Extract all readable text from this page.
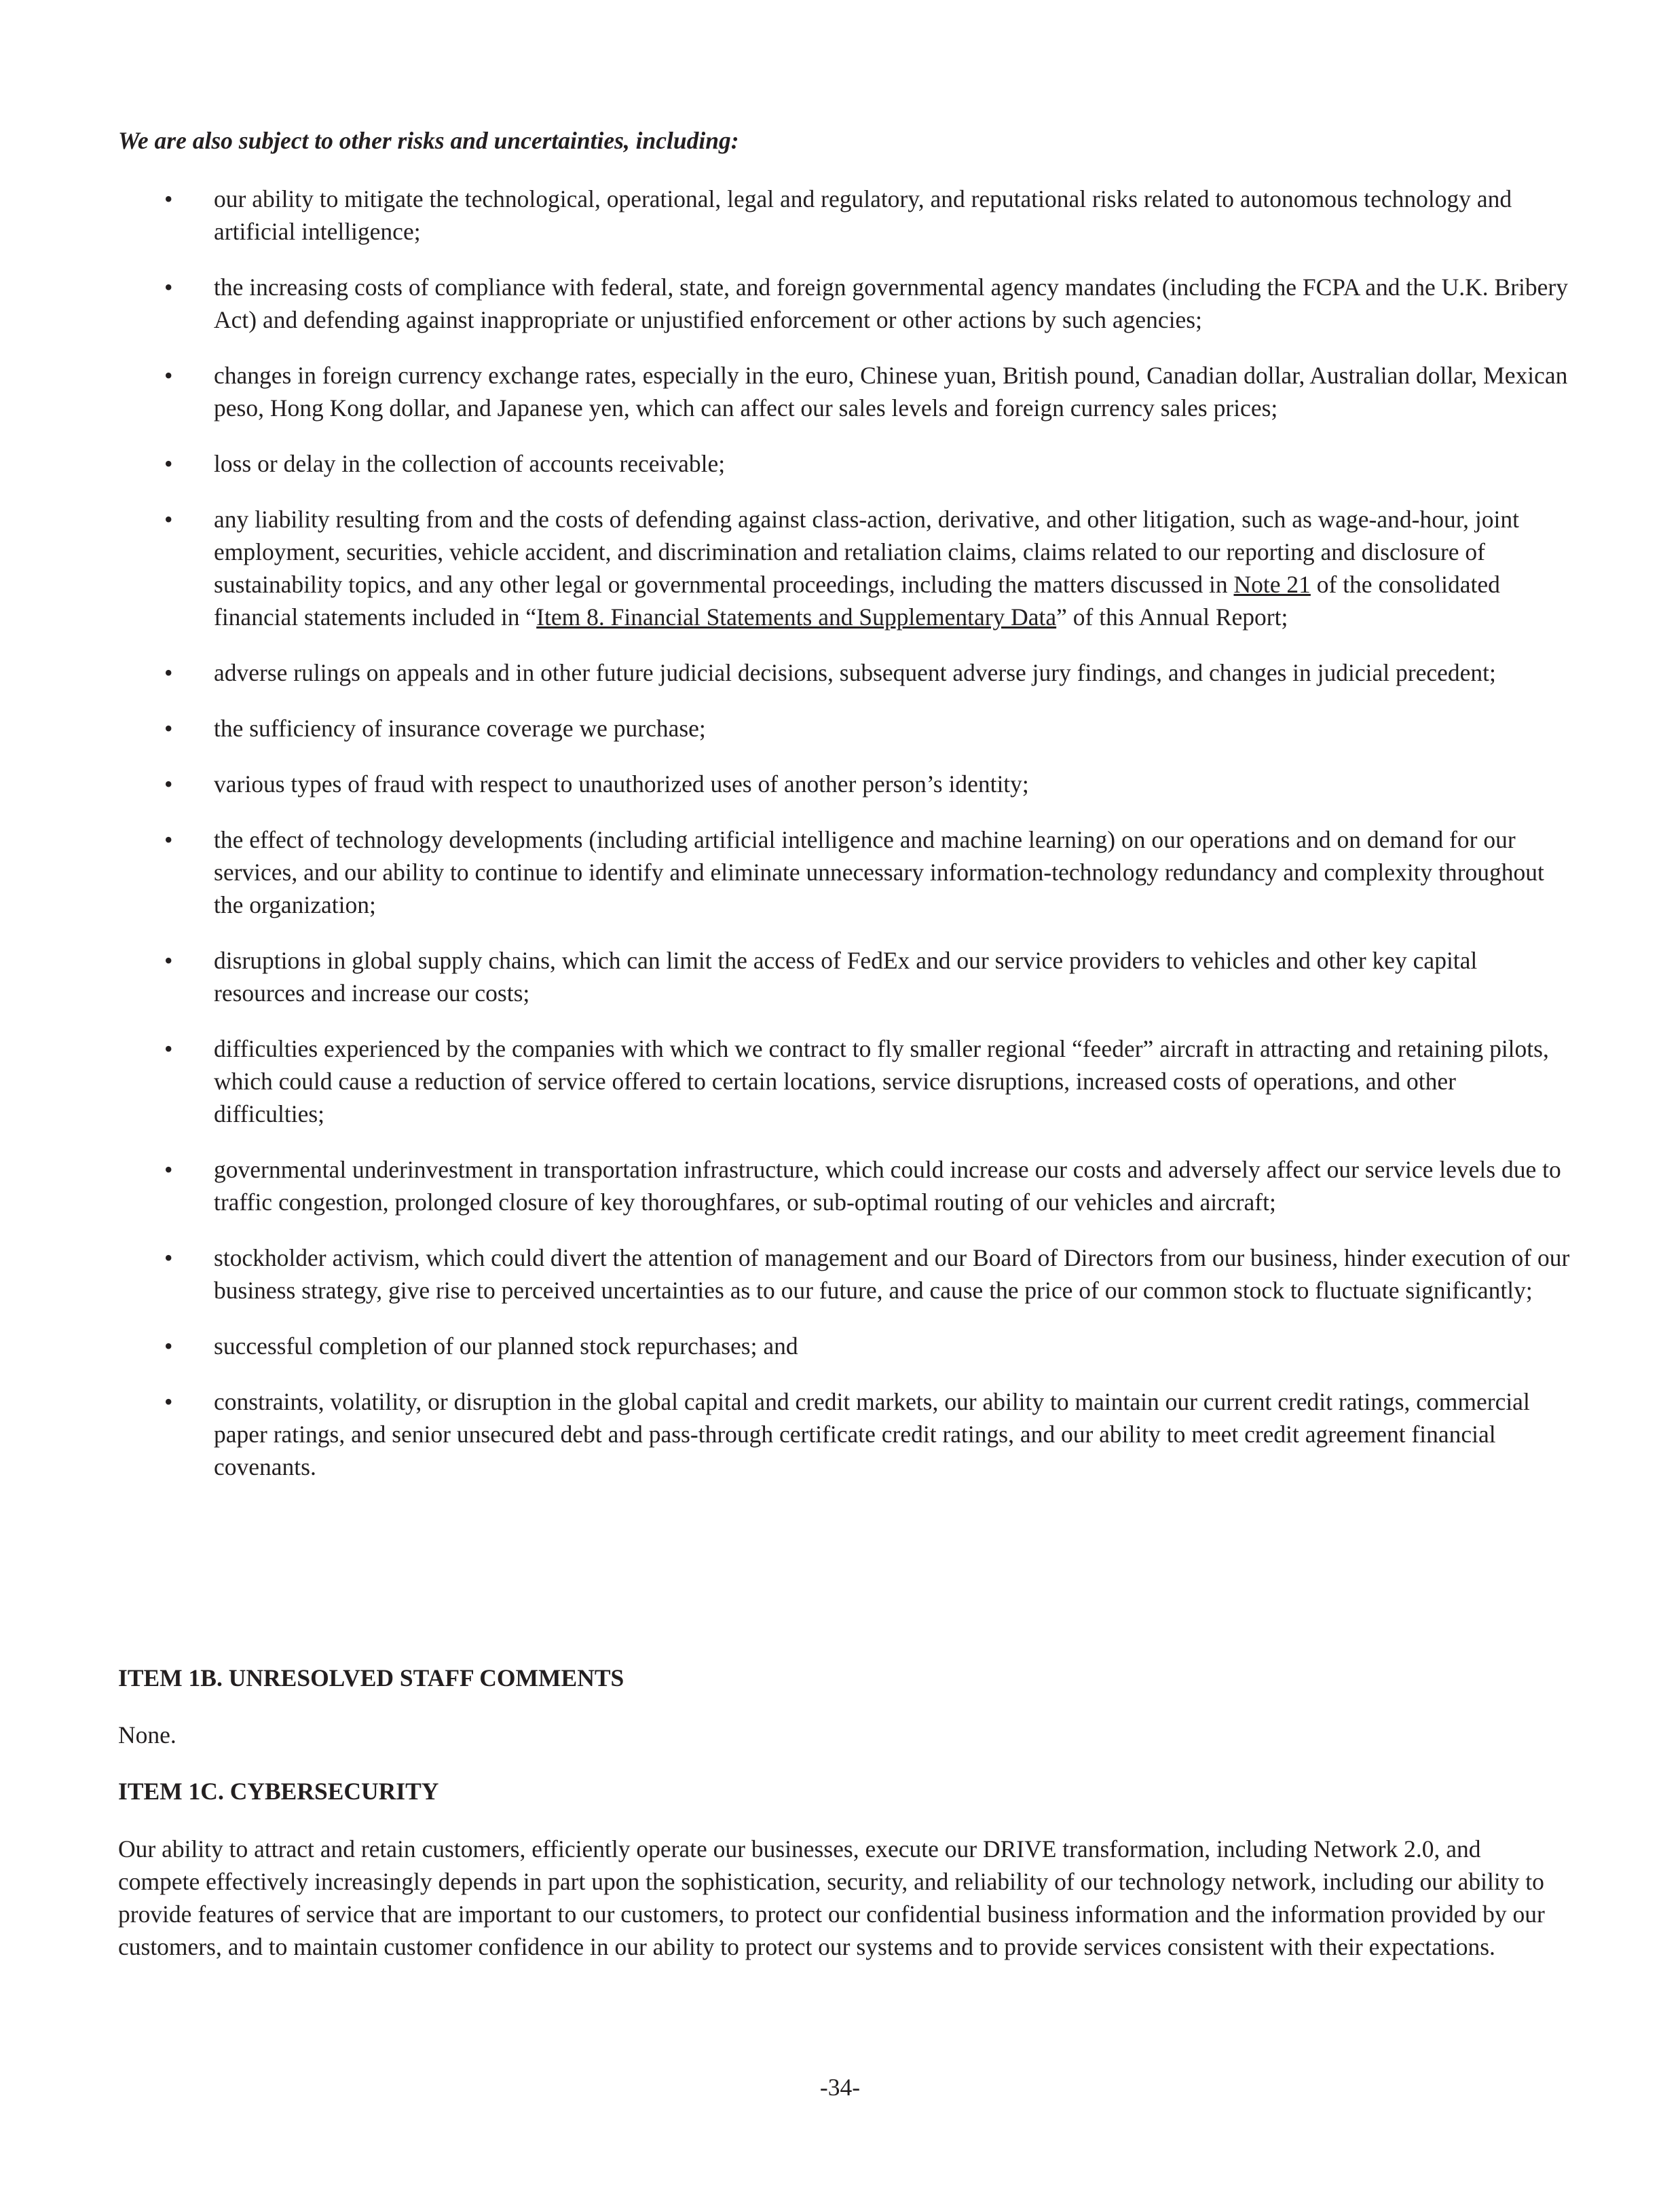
We are also subject to other risks and uncertainties, including:

• our ability to mitigate the technological, operational, legal and regulatory, and reputational risks related to autonomous technology and artificial intelligence;
• the increasing costs of compliance with federal, state, and foreign governmental agency mandates (including the FCPA and the U.K. Bribery Act) and defending against inappropriate or unjustified enforcement or other actions by such agencies;
• changes in foreign currency exchange rates, especially in the euro, Chinese yuan, British pound, Canadian dollar, Australian dollar, Mexican peso, Hong Kong dollar, and Japanese yen, which can affect our sales levels and foreign currency sales prices;
• loss or delay in the collection of accounts receivable;
• any liability resulting from and the costs of defending against class-action, derivative, and other litigation, such as wage-and-hour, joint employment, securities, vehicle accident, and discrimination and retaliation claims, claims related to our reporting and disclosure of sustainability topics, and any other legal or governmental proceedings, including the matters discussed in Note 21 of the consolidated financial statements included in “Item 8. Financial Statements and Supplementary Data” of this Annual Report;
• adverse rulings on appeals and in other future judicial decisions, subsequent adverse jury findings, and changes in judicial precedent;
• the sufficiency of insurance coverage we purchase;
• various types of fraud with respect to unauthorized uses of another person’s identity;
• the effect of technology developments (including artificial intelligence and machine learning) on our operations and on demand for our services, and our ability to continue to identify and eliminate unnecessary information-technology redundancy and complexity throughout the organization;
• disruptions in global supply chains, which can limit the access of FedEx and our service providers to vehicles and other key capital resources and increase our costs;
• difficulties experienced by the companies with which we contract to fly smaller regional “feeder” aircraft in attracting and retaining pilots, which could cause a reduction of service offered to certain locations, service disruptions, increased costs of operations, and other difficulties;
• governmental underinvestment in transportation infrastructure, which could increase our costs and adversely affect our service levels due to traffic congestion, prolonged closure of key thoroughfares, or sub-optimal routing of our vehicles and aircraft;
• stockholder activism, which could divert the attention of management and our Board of Directors from our business, hinder execution of our business strategy, give rise to perceived uncertainties as to our future, and cause the price of our common stock to fluctuate significantly;
• successful completion of our planned stock repurchases; and
• constraints, volatility, or disruption in the global capital and credit markets, our ability to maintain our current credit ratings, commercial paper ratings, and senior unsecured debt and pass-through certificate credit ratings, and our ability to meet credit agreement financial covenants.
ITEM 1B. UNRESOLVED STAFF COMMENTS

None.

ITEM 1C. CYBERSECURITY

Our ability to attract and retain customers, efficiently operate our businesses, execute our DRIVE transformation, including Network 2.0, and compete effectively increasingly depends in part upon the sophistication, security, and reliability of our technology network, including our ability to provide features of service that are important to our customers, to protect our confidential business information and the information provided by our customers, and to maintain customer confidence in our ability to protect our systems and to provide services consistent with their expectations.

-34-
